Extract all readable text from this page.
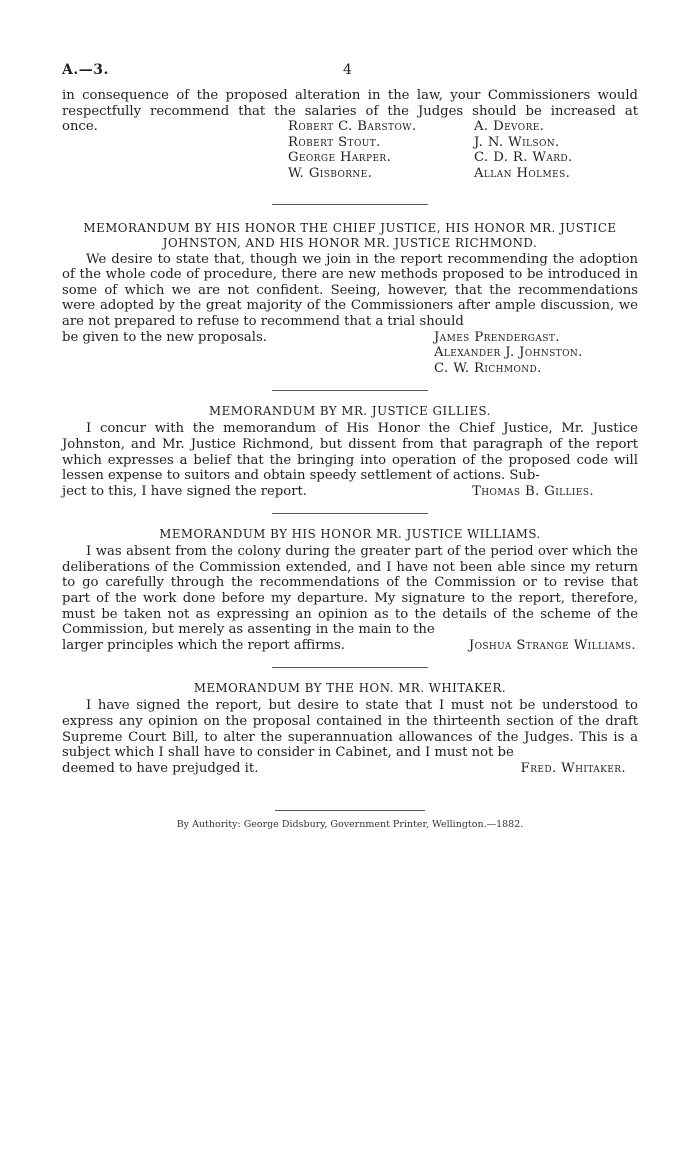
A.—3.	4

in consequence of the proposed alteration in the law, your Commissioners would

respectfully recommend that the salaries of the Judges should be increased at

once.	Robert C. Barstow.	A. Devore.
Robert Stout.	J. N. Wilson.
George Harper.	C. D. R. Ward.
W. Gisborne.	Allan Holmes.
MEMORANDUM BY HIS HONOR THE CHIEF JUSTICE, HIS HONOR MR. JUSTICE
JOHNSTON, AND HIS HONOR MR. JUSTICE RICHMOND.

We desire to state that, though we join in the report recommending the adoption of the whole code of procedure, there are new methods proposed to be introduced in some of which we are not confident. Seeing, however, that the recommendations were adopted by the great majority of the Commissioners after ample discussion, we are not prepared to refuse to recommend that a trial should

be given to the new proposals.	James Prendergast.
Alexander J. Johnston.
C. W. Richmond.
MEMORANDUM BY MR. JUSTICE GILLIES.

I concur with the memorandum of His Honor the Chief Justice, Mr. Justice Johnston, and Mr. Justice Richmond, but dissent from that paragraph of the report which expresses a belief that the bringing into operation of the proposed code will lessen expense to suitors and obtain speedy settlement of actions. Sub-

ject to this, I have signed the report.	Thomas B. Gillies.
MEMORANDUM BY HIS HONOR MR. JUSTICE WILLIAMS.

I was absent from the colony during the greater part of the period over which the deliberations of the Commission extended, and I have not been able since my return to go carefully through the recommendations of the Commission or to revise that part of the work done before my departure. My signature to the report, therefore, must be taken not as expressing an opinion as to the details of the scheme of the Commission, but merely as assenting in the main to the

larger principles which the report affirms.	Joshua Strange Williams.
MEMORANDUM BY THE HON. MR. WHITAKER.

I have signed the report, but desire to state that I must not be understood to express any opinion on the proposal contained in the thirteenth section of the draft Supreme Court Bill, to alter the superannuation allowances of the Judges. This is a subject which I shall have to consider in Cabinet, and I must not be

deemed to have prejudged it.	Fred. Whitaker.
By Authority: George Didsbury, Government Printer, Wellington.—1882.
